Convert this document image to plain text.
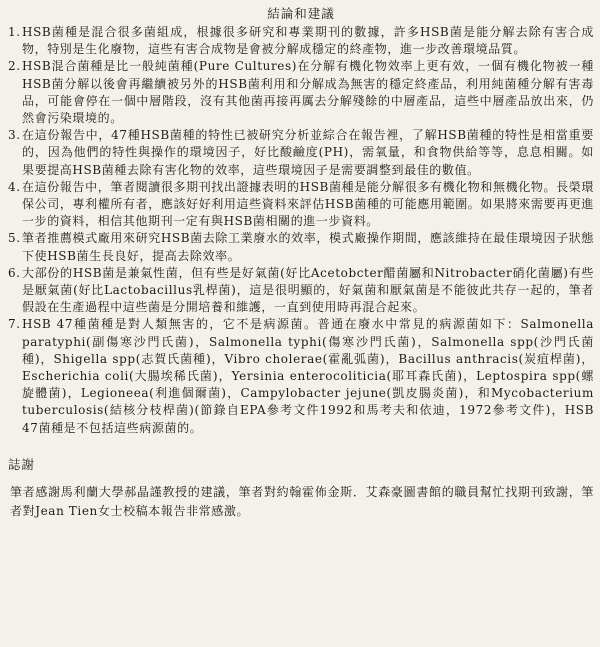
結論和建議
1. HSB菌種是混合很多菌組成，根據很多研究和專業期刊的數據，許多HSB菌是能分解去除有害合成物，特別是生化廢物，這些有害合成物是會被分解成穩定的終產物，進一步改善環境品質。
2. HSB混合菌種是比一般純菌種(Pure Cultures)在分解有機化物效率上更有效，一個有機化物被一種HSB菌分解以後會再繼續被另外的HSB菌利用和分解成為無害的穩定終產品，利用純菌種分解有害毒品，可能會停在一個中層階段，沒有其他菌再接再厲去分解殘餘的中層產品，這些中層產品放出來，仍然會污染環境的。
3. 在這份報告中，47種HSB菌種的特性已被研究分析並綜合在報告裡，了解HSB菌種的特性是相當重要的，因為他們的特性與操作的環境因子，好比酸鹼度(PH)，需氧量，和食物供給等等，息息相關。如果要提高HSB菌種去除有害化物的效率，這些環境因子是需要調整到最佳的數值。
4. 在這份報告中，筆者閱讀很多期刊找出證據表明的HSB菌種是能分解很多有機化物和無機化物。長榮環保公司，專利權所有者，應該好好利用這些資料來評估HSB菌種的可能應用範圍。如果將來需要再更進一步的資料，相信其他期刊一定有與HSB菌相關的進一步資料。
5. 筆者推薦模式廠用來研究HSB菌去除工業廢水的效率，模式廠操作期間，應該維持在最佳環境因子狀態下使HSB菌生長良好，提高去除效率。
6. 大部份的HSB菌是兼氣性菌，但有些是好氣菌(好比Acetobcter醋菌屬和Nitrobacter硝化菌屬)有些是厭氣菌(好比Lactobacillus乳桿菌)，這是很明顯的，好氣菌和厭氣菌是不能彼此共存一起的，筆者假設在生產過程中這些菌是分開培養和維護，一直到使用時再混合起來。
7. HSB 47種菌種是對人類無害的，它不是病源菌。普通在廢水中常見的病源菌如下：Salmonella paratyphi(副傷寒沙門氏菌)，Salmonella typhi(傷寒沙門氏菌)，Salmonella spp(沙門氏菌種)，Shigella spp(志賀氏菌種)，Vibro cholerae(霍亂弧菌)，Bacillus anthracis(炭疽桿菌)，Escherichia coli(大腸埃稀氏菌)，Yersinia enterocoliticia(耶耳森氏菌)，Leptospira spp(螺旋體菌)，Legioneea(利進個爾菌)，Campylobacter jejune(凱皮腸炎菌)，和Mycobacterium tuberculosis(結核分枝桿菌)(節錄自EPA參考文件1992和馬考夫和依迪，1972參考文件)，HSB 47菌種是不包括這些病源菌的。
誌謝

筆者感謝馬利蘭大學郝晶謹教授的建議，筆者對約翰霍佈金斯．艾森豪圖書館的職員幫忙找期刊致謝，筆者對Jean Tien女士校稿本報告非常感激。
